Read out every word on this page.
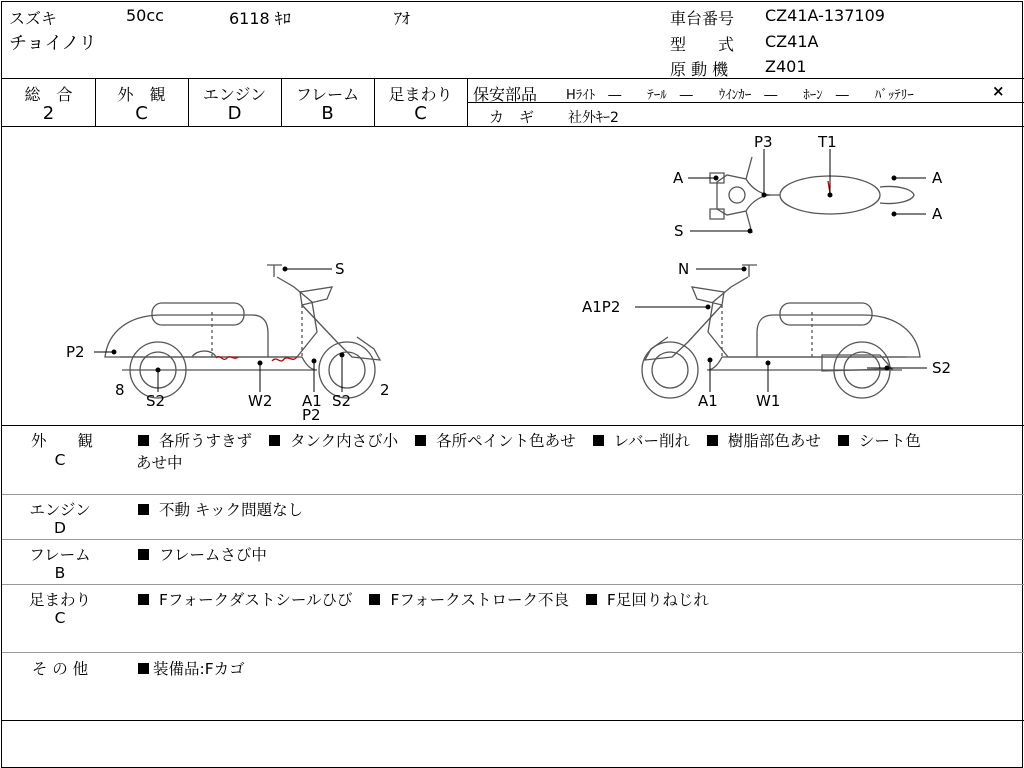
スズキ	50cc	6118 ｷﾛ	ｱｵ
チョイノリ
車台番号 CZ41A-137109
型　　式 CZ41A
原 動 機 Z401
総　合
2
外　観
C
エンジン
D
フレーム
B
足まわり
C
保安部品 Hﾗｲﾄ　―　　ﾃｰﾙ　―　　ｳｲﾝｶｰ　―　　ﾎｰﾝ　―　　ﾊﾞｯﾃﾘｰ	×
カ　ギ 社外ｷｰ2
S
P2
8
S2	W2 A1
P2
S2
2
P3	T1
A	A
A
S
N
A1P2
S2
A1	W1
外　　観
C
各所うすきず タンク内さび小 各所ペイント色あせ レバー削れ 樹脂部色あせ シート色
あせ中
エンジン
D
不動 キック問題なし
フレーム
B
フレームさび中
足まわり
C
Fフォークダストシールひび Fフォークストローク不良 F足回りねじれ
そ の 他	装備品:Fカゴ
